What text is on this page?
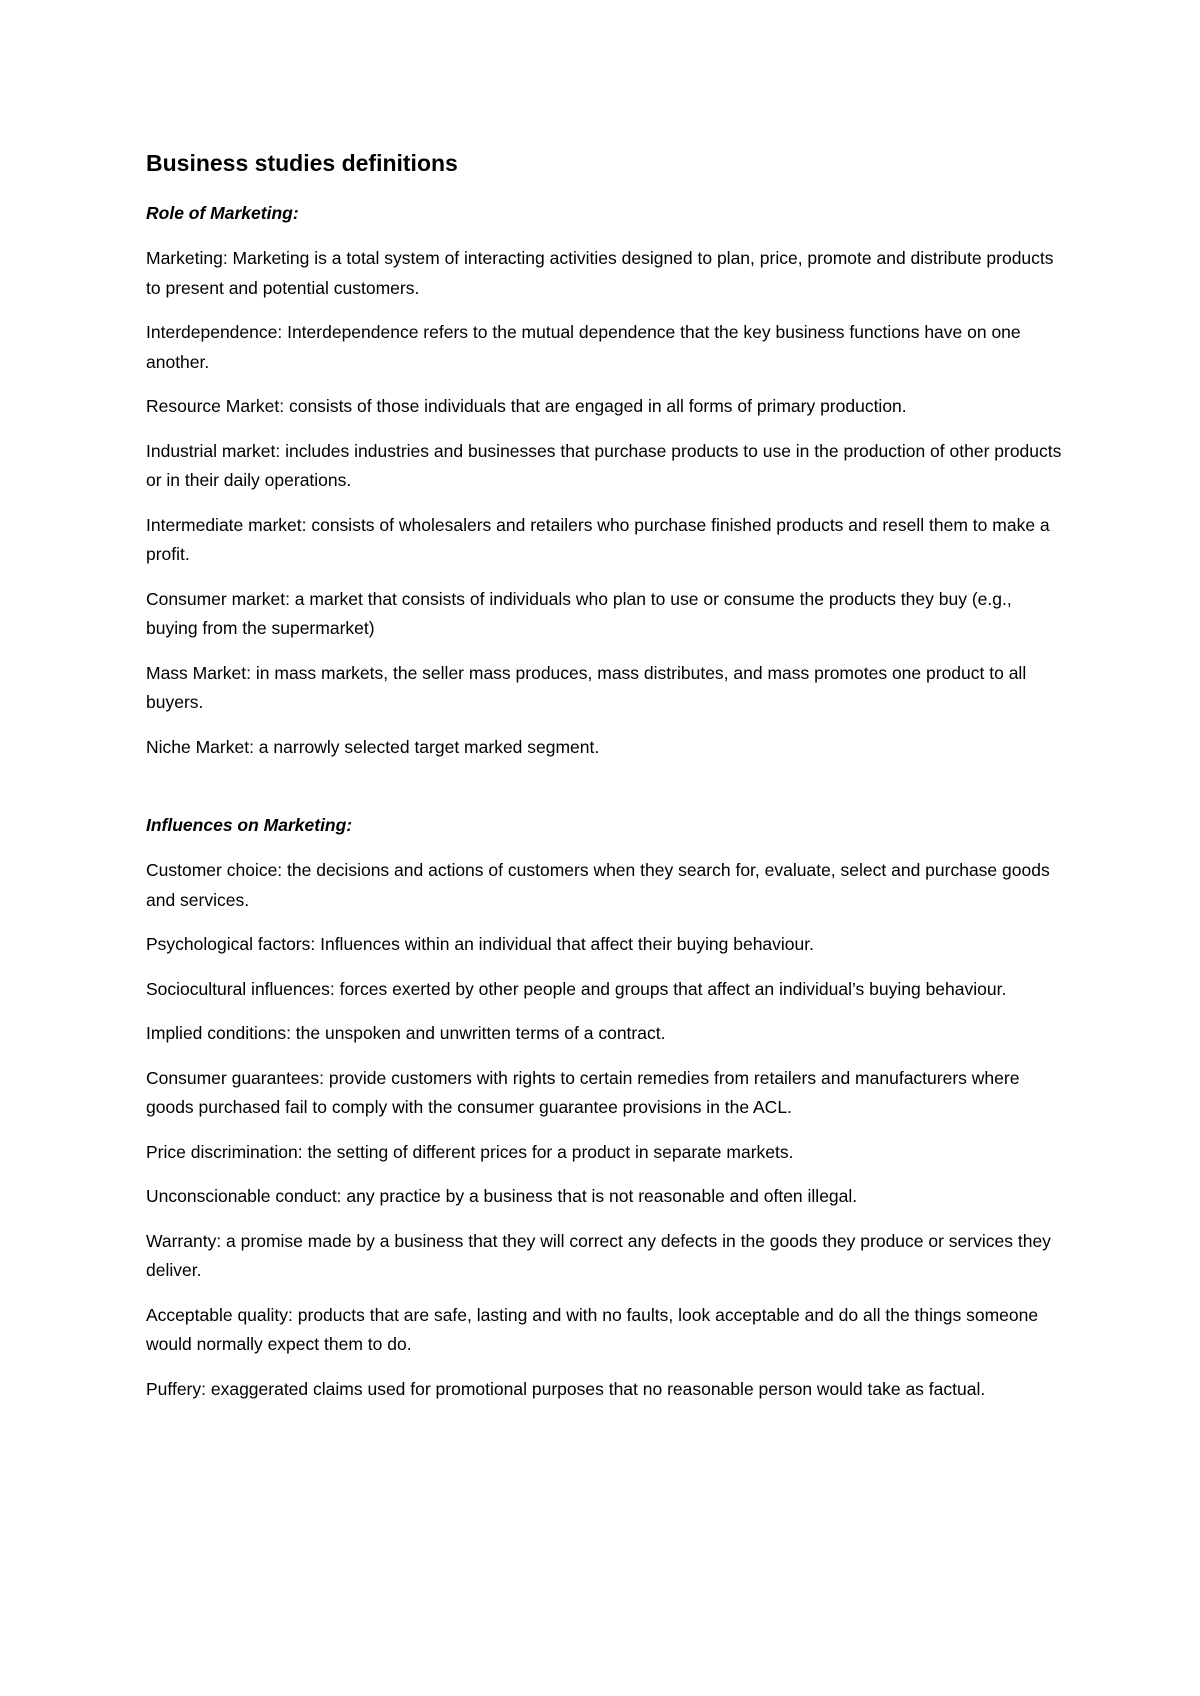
Business studies definitions
Role of Marketing:

Marketing: Marketing is a total system of interacting activities designed to plan, price, promote and distribute products to present and potential customers.

Interdependence: Interdependence refers to the mutual dependence that the key business functions have on one another.

Resource Market: consists of those individuals that are engaged in all forms of primary production.

Industrial market: includes industries and businesses that purchase products to use in the production of other products or in their daily operations.

Intermediate market: consists of wholesalers and retailers who purchase finished products and resell them to make a profit.

Consumer market: a market that consists of individuals who plan to use or consume the products they buy (e.g., buying from the supermarket)

Mass Market: in mass markets, the seller mass produces, mass distributes, and mass promotes one product to all buyers.

Niche Market: a narrowly selected target marked segment.

Influences on Marketing:

Customer choice: the decisions and actions of customers when they search for, evaluate, select and purchase goods and services.

Psychological factors: Influences within an individual that affect their buying behaviour.

Sociocultural influences: forces exerted by other people and groups that affect an individual’s buying behaviour.

Implied conditions: the unspoken and unwritten terms of a contract.

Consumer guarantees: provide customers with rights to certain remedies from retailers and manufacturers where goods purchased fail to comply with the consumer guarantee provisions in the ACL.

Price discrimination: the setting of different prices for a product in separate markets.

Unconscionable conduct: any practice by a business that is not reasonable and often illegal.

Warranty: a promise made by a business that they will correct any defects in the goods they produce or services they deliver.

Acceptable quality: products that are safe, lasting and with no faults, look acceptable and do all the things someone would normally expect them to do.

Puffery: exaggerated claims used for promotional purposes that no reasonable person would take as factual.
